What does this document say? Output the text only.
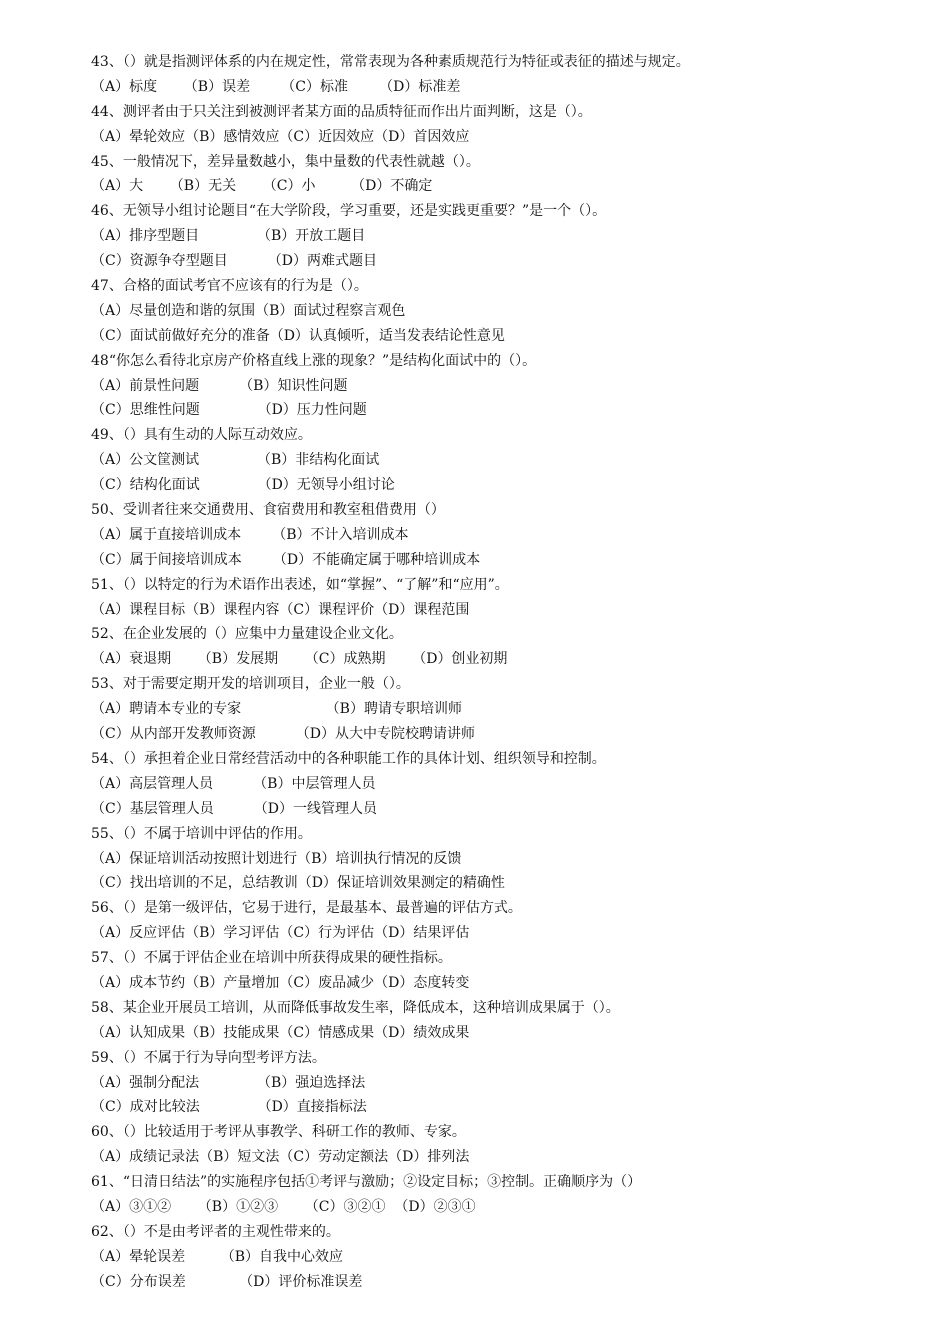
43、（）就是指测评体系的内在规定性，常常表现为各种素质规范行为特征或表征的描述与规定。
（A）标度      （B）误差       （C）标准       （D）标准差
44、测评者由于只关注到被测评者某方面的品质特征而作出片面判断，这是（）。
（A）晕轮效应（B）感情效应（C）近因效应（D）首因效应
45、一般情况下，差异量数越小，集中量数的代表性就越（）。
（A）大      （B）无关      （C）小        （D）不确定
46、无领导小组讨论题目“在大学阶段，学习重要，还是实践更重要？”是一个（）。
（A）排序型题目             （B）开放工题目
（C）资源争夺型题目         （D）两难式题目
47、合格的面试考官不应该有的行为是（）。
（A）尽量创造和谐的氛围（B）面试过程察言观色
（C）面试前做好充分的准备（D）认真倾听，适当发表结论性意见
48“你怎么看待北京房产价格直线上涨的现象？”是结构化面试中的（）。
（A）前景性问题         （B）知识性问题
（C）思维性问题             （D）压力性问题
49、（）具有生动的人际互动效应。
（A）公文筐测试             （B）非结构化面试
（C）结构化面试             （D）无领导小组讨论
50、受训者往来交通费用、食宿费用和教室租借费用（）
（A）属于直接培训成本       （B）不计入培训成本
（C）属于间接培训成本       （D）不能确定属于哪种培训成本
51、（）以特定的行为术语作出表述，如“掌握”、“了解”和“应用”。
（A）课程目标（B）课程内容（C）课程评价（D）课程范围
52、在企业发展的（）应集中力量建设企业文化。
（A）衰退期      （B）发展期      （C）成熟期      （D）创业初期
53、对于需要定期开发的培训项目，企业一般（）。
（A）聘请本专业的专家                   （B）聘请专职培训师
（C）从内部开发教师资源         （D）从大中专院校聘请讲师
54、（）承担着企业日常经营活动中的各种职能工作的具体计划、组织领导和控制。
（A）高层管理人员         （B）中层管理人员
（C）基层管理人员         （D）一线管理人员
55、（）不属于培训中评估的作用。
（A）保证培训活动按照计划进行（B）培训执行情况的反馈
（C）找出培训的不足，总结教训（D）保证培训效果测定的精确性
56、（）是第一级评估，它易于进行，是最基本、最普遍的评估方式。
（A）反应评估（B）学习评估（C）行为评估（D）结果评估
57、（）不属于评估企业在培训中所获得成果的硬性指标。
（A）成本节约（B）产量增加（C）废品减少（D）态度转变
58、某企业开展员工培训，从而降低事故发生率，降低成本，这种培训成果属于（）。
（A）认知成果（B）技能成果（C）情感成果（D）绩效成果
59、（）不属于行为导向型考评方法。
（A）强制分配法             （B）强迫选择法
（C）成对比较法             （D）直接指标法
60、（）比较适用于考评从事教学、科研工作的教师、专家。
（A）成绩记录法（B）短文法（C）劳动定额法（D）排列法
61、“日清日结法”的实施程序包括①考评与激励；②设定目标；③控制。正确顺序为（）
（A）③①②      （B）①②③      （C）③②①  （D）②③①
62、（）不是由考评者的主观性带来的。
（A）晕轮误差        （B）自我中心效应
（C）分布误差            （D）评价标准误差
